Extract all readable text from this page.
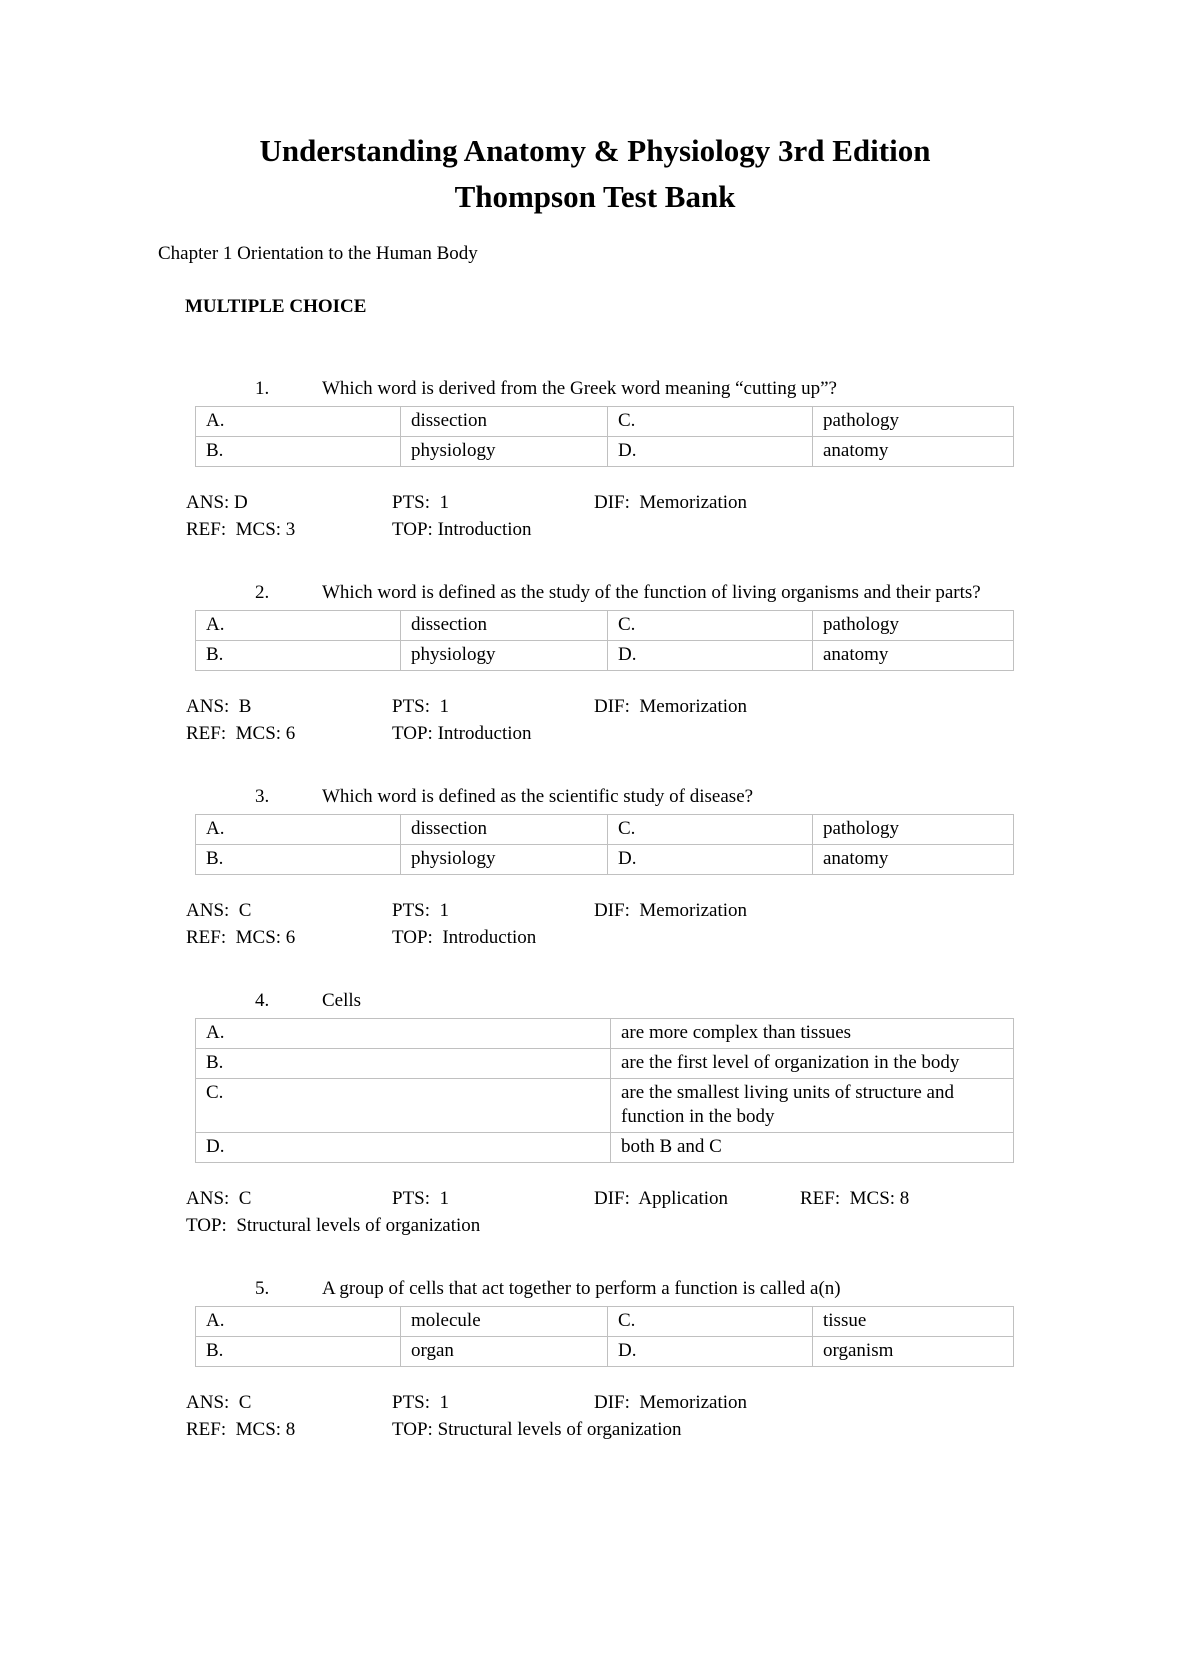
Understanding Anatomy & Physiology 3rd Edition
Thompson Test Bank

Chapter 1 Orientation to the Human Body

MULTIPLE CHOICE

1.	Which word is derived from the Greek word meaning “cutting up”?

A.	dissection	C.	pathology
B.	physiology	D.	anatomy

ANS: D	PTS:  1	DIF:  Memorization

REF:  MCS: 3	TOP: Introduction

2.	Which word is defined as the study of the function of living organisms and their parts?

A.	dissection	C.	pathology
B.	physiology	D.	anatomy

ANS:  B	PTS:  1	DIF:  Memorization

REF:  MCS: 6	TOP: Introduction

3.	Which word is defined as the scientific study of disease?

A.	dissection	C.	pathology
B.	physiology	D.	anatomy

ANS:  C	PTS:  1	DIF:  Memorization

REF:  MCS: 6	TOP:  Introduction

4.	Cells

A.	are more complex than tissues
B.	are the first level of organization in the body
C.	are the smallest living units of structure and function in the body
D.	both B and C

ANS:  C	PTS:  1	DIF:  Application	REF:  MCS: 8

TOP:  Structural levels of organization

5.	A group of cells that act together to perform a function is called a(n)

A.	molecule	C.	tissue
B.	organ	D.	organism

ANS:  C	PTS:  1	DIF:  Memorization

REF:  MCS: 8	TOP: Structural levels of organization
